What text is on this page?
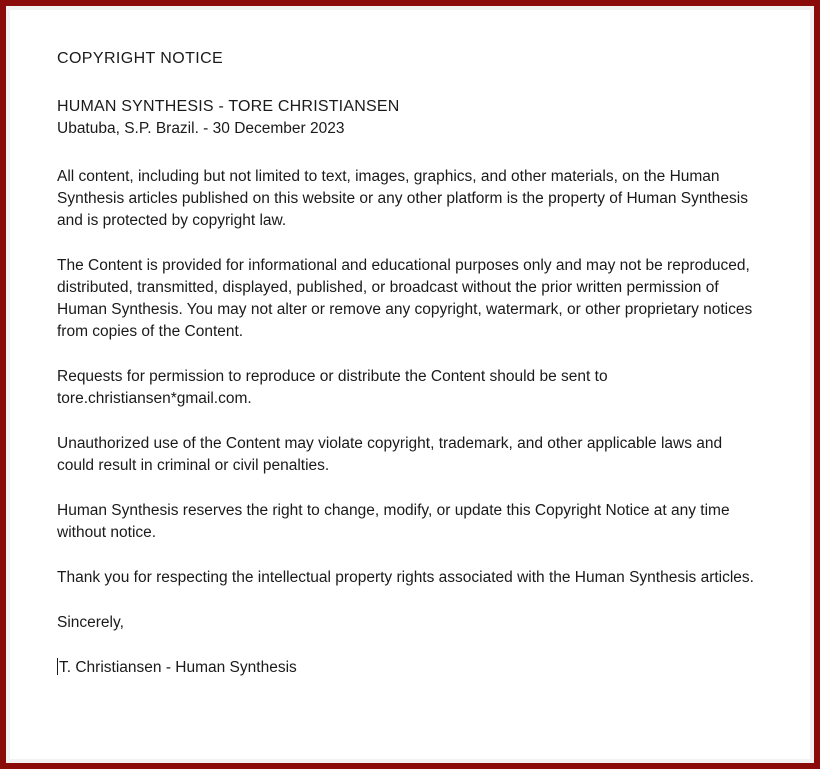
COPYRIGHT NOTICE

HUMAN SYNTHESIS - TORE CHRISTIANSEN

Ubatuba, S.P. Brazil. - 30 December 2023

All content, including but not limited to text, images, graphics, and other materials, on the Human Synthesis articles published on this website or any other platform is the property of Human Synthesis and is protected by copyright law.

The Content is provided for informational and educational purposes only and may not be reproduced, distributed, transmitted, displayed, published, or broadcast without the prior written permission of Human Synthesis. You may not alter or remove any copyright, watermark, or other proprietary notices from copies of the Content.

Requests for permission to reproduce or distribute the Content should be sent to tore.christiansen*gmail.com.

Unauthorized use of the Content may violate copyright, trademark, and other applicable laws and could result in criminal or civil penalties.

Human Synthesis reserves the right to change, modify, or update this Copyright Notice at any time without notice.

Thank you for respecting the intellectual property rights associated with the Human Synthesis articles.

Sincerely,

T. Christiansen - Human Synthesis
